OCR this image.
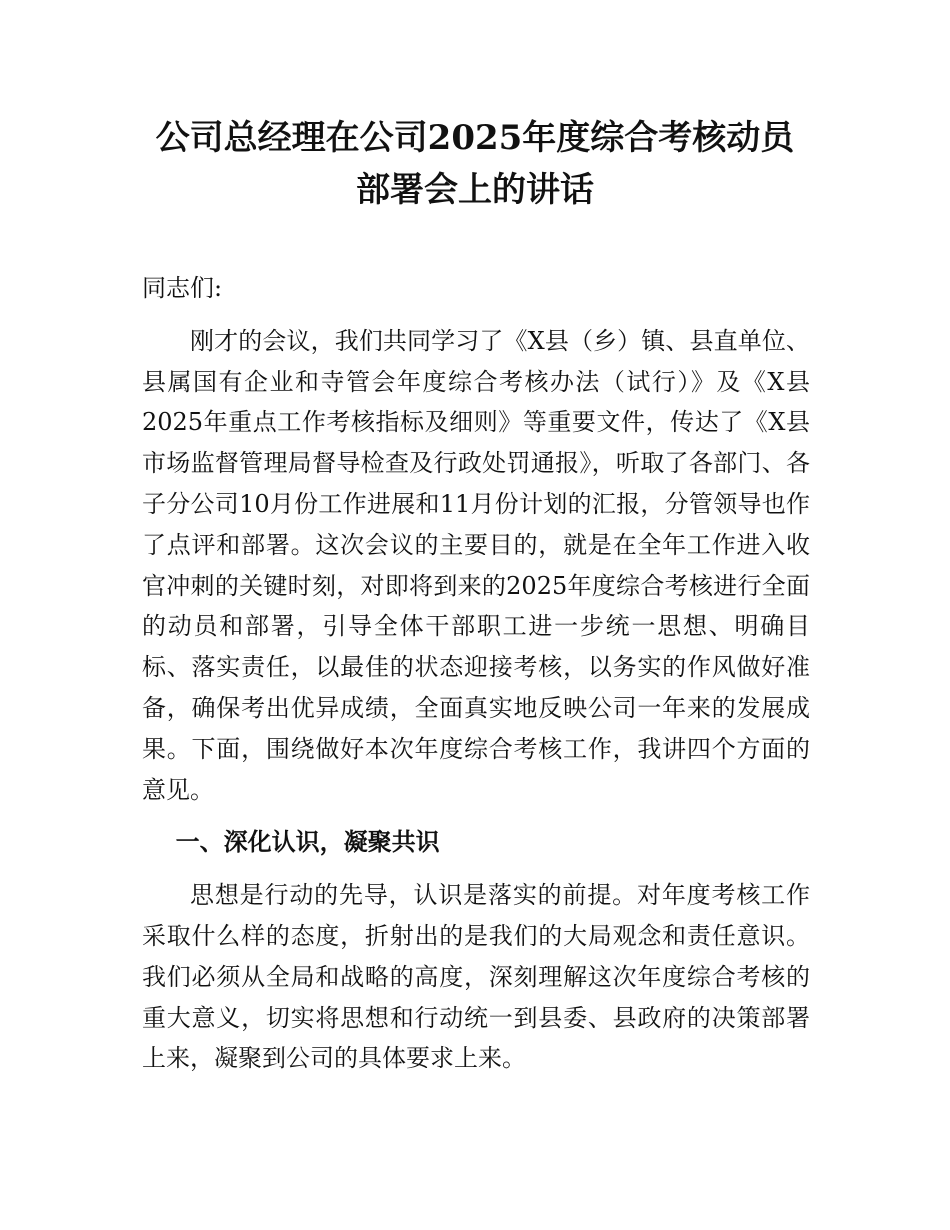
公司总经理在公司2025年度综合考核动员部署会上的讲话

同志们:

刚才的会议，我们共同学习了《X县（乡）镇、县直单位、县属国有企业和寺管会年度综合考核办法（试行）》及《X县2025年重点工作考核指标及细则》等重要文件，传达了《X县市场监督管理局督导检查及行政处罚通报》，听取了各部门、各子分公司10月份工作进展和11月份计划的汇报，分管领导也作了点评和部署。这次会议的主要目的，就是在全年工作进入收官冲刺的关键时刻，对即将到来的2025年度综合考核进行全面的动员和部署，引导全体干部职工进一步统一思想、明确目标、落实责任，以最佳的状态迎接考核，以务实的作风做好准备，确保考出优异成绩，全面真实地反映公司一年来的发展成果。下面，围绕做好本次年度综合考核工作，我讲四个方面的意见。

一、深化认识，凝聚共识

思想是行动的先导，认识是落实的前提。对年度考核工作采取什么样的态度，折射出的是我们的大局观念和责任意识。我们必须从全局和战略的高度，深刻理解这次年度综合考核的重大意义，切实将思想和行动统一到县委、县政府的决策部署上来，凝聚到公司的具体要求上来。
